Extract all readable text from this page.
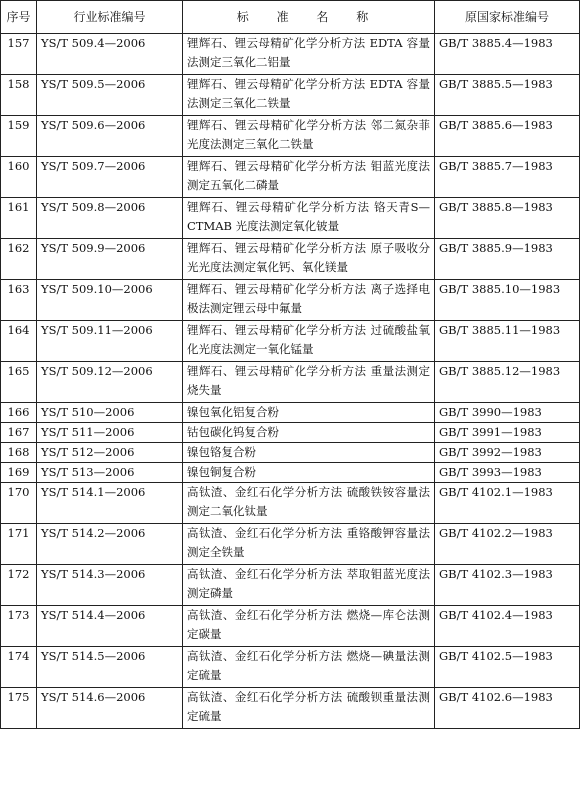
序号	行业标准编号	标 准 名 称	原国家标准编号
157	YS/T 509.4—2006	锂辉石、锂云母精矿化学分析方法 EDTA 容量法测定三氧化二铝量	GB/T 3885.4—1983
158	YS/T 509.5—2006	锂辉石、锂云母精矿化学分析方法 EDTA 容量法测定三氧化二铁量	GB/T 3885.5—1983
159	YS/T 509.6—2006	锂辉石、锂云母精矿化学分析方法 邻二氮杂菲光度法测定三氧化二铁量	GB/T 3885.6—1983
160	YS/T 509.7—2006	锂辉石、锂云母精矿化学分析方法 钼蓝光度法测定五氧化二磷量	GB/T 3885.7—1983
161	YS/T 509.8—2006	锂辉石、锂云母精矿化学分析方法 铬天青S—CTMAB 光度法测定氧化铍量	GB/T 3885.8—1983
162	YS/T 509.9—2006	锂辉石、锂云母精矿化学分析方法 原子吸收分光光度法测定氧化钙、氧化镁量	GB/T 3885.9—1983
163	YS/T 509.10—2006	锂辉石、锂云母精矿化学分析方法 离子选择电极法测定锂云母中氟量	GB/T 3885.10—1983
164	YS/T 509.11—2006	锂辉石、锂云母精矿化学分析方法 过硫酸盐氧化光度法测定一氧化锰量	GB/T 3885.11—1983
165	YS/T 509.12—2006	锂辉石、锂云母精矿化学分析方法 重量法测定烧失量	GB/T 3885.12—1983
166	YS/T 510—2006	镍包氧化铝复合粉	GB/T 3990—1983
167	YS/T 511—2006	钴包碳化钨复合粉	GB/T 3991—1983
168	YS/T 512—2006	镍包铬复合粉	GB/T 3992—1983
169	YS/T 513—2006	镍包铜复合粉	GB/T 3993—1983
170	YS/T 514.1—2006	高钛渣、金红石化学分析方法 硫酸铁铵容量法测定二氧化钛量	GB/T 4102.1—1983
171	YS/T 514.2—2006	高钛渣、金红石化学分析方法 重铬酸钾容量法测定全铁量	GB/T 4102.2—1983
172	YS/T 514.3—2006	高钛渣、金红石化学分析方法 萃取钼蓝光度法测定磷量	GB/T 4102.3—1983
173	YS/T 514.4—2006	高钛渣、金红石化学分析方法 燃烧—库仑法测定碳量	GB/T 4102.4—1983
174	YS/T 514.5—2006	高钛渣、金红石化学分析方法 燃烧—碘量法测定硫量	GB/T 4102.5—1983
175	YS/T 514.6—2006	高钛渣、金红石化学分析方法 硫酸钡重量法测定硫量	GB/T 4102.6—1983
